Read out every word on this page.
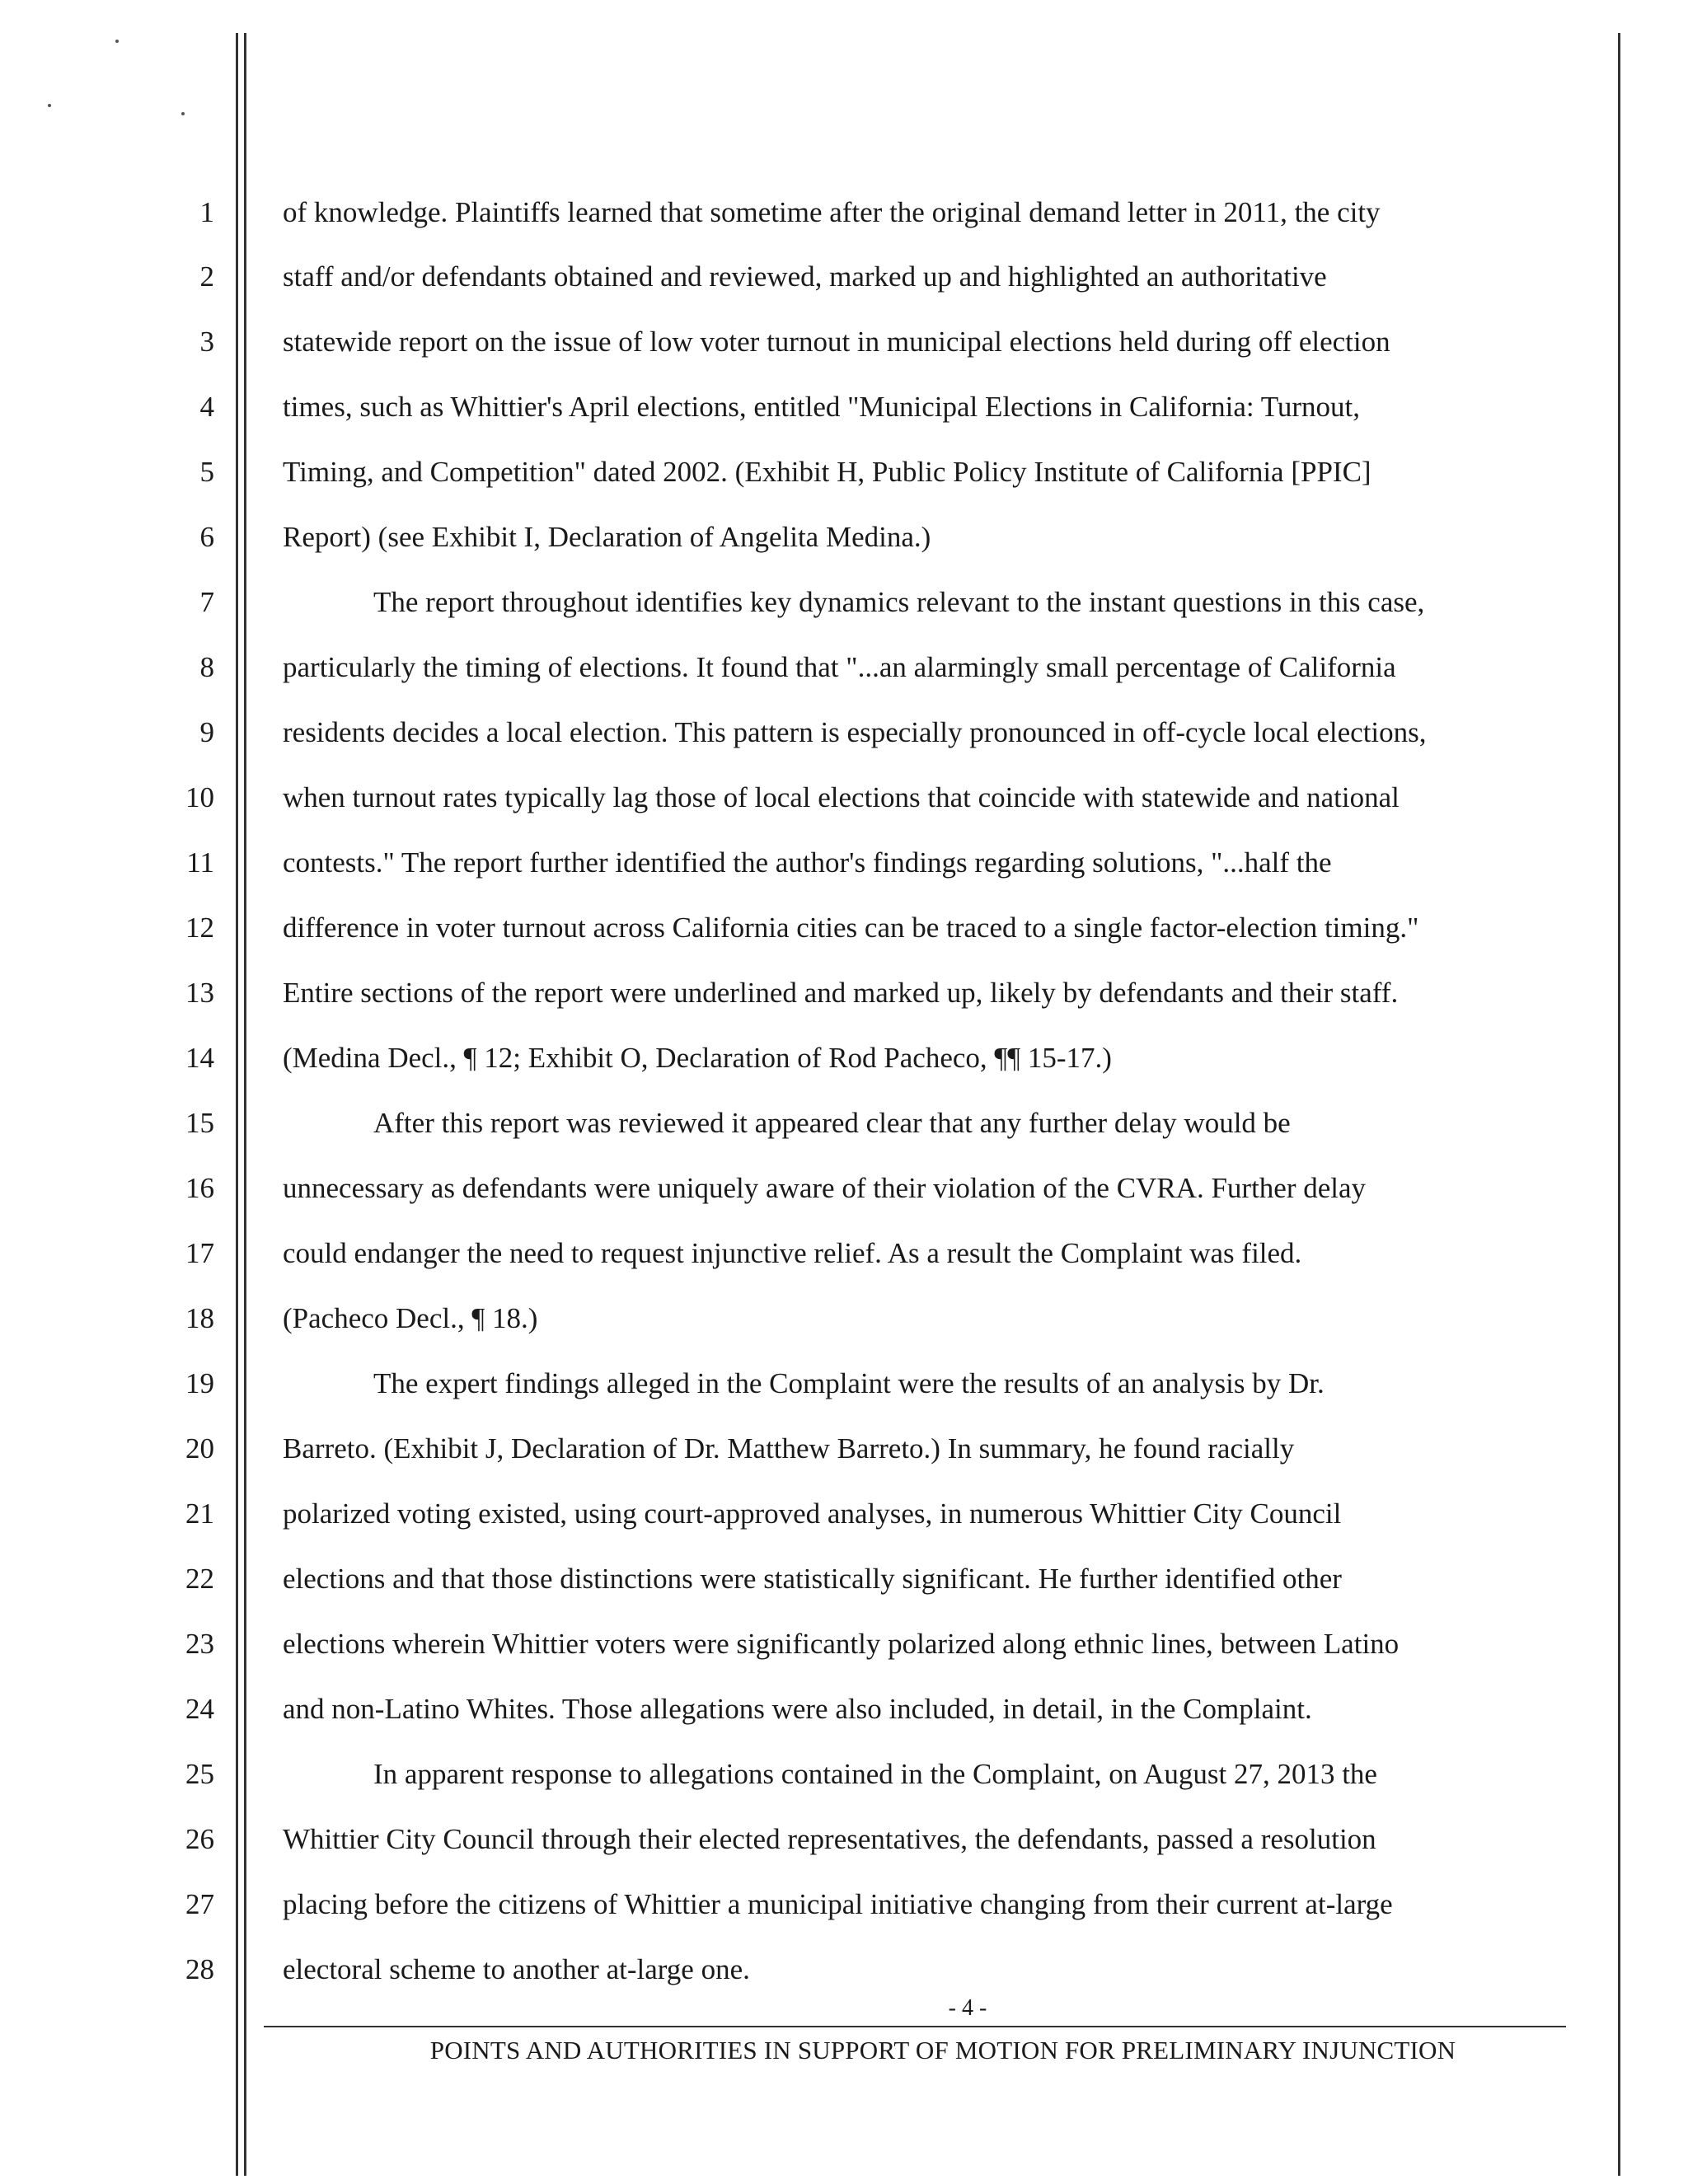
1
2
3
4
5
6
7
8
9
10
11
12
13
14
15
16
17
18
19
20
21
22
23
24
25
26
27
28
of knowledge. Plaintiffs learned that sometime after the original demand letter in 2011, the city
staff and/or defendants obtained and reviewed, marked up and highlighted an authoritative
statewide report on the issue of low voter turnout in municipal elections held during off election
times, such as Whittier's April elections, entitled "Municipal Elections in California: Turnout,
Timing, and Competition" dated 2002. (Exhibit H, Public Policy Institute of California [PPIC]
Report) (see Exhibit I, Declaration of Angelita Medina.)
The report throughout identifies key dynamics relevant to the instant questions in this case,
particularly the timing of elections. It found that "...an alarmingly small percentage of California
residents decides a local election. This pattern is especially pronounced in off-cycle local elections,
when turnout rates typically lag those of local elections that coincide with statewide and national
contests." The report further identified the author's findings regarding solutions, "...half the
difference in voter turnout across California cities can be traced to a single factor-election timing."
Entire sections of the report were underlined and marked up, likely by defendants and their staff.
(Medina Decl., ¶ 12; Exhibit O, Declaration of Rod Pacheco, ¶¶ 15-17.)
After this report was reviewed it appeared clear that any further delay would be
unnecessary as defendants were uniquely aware of their violation of the CVRA. Further delay
could endanger the need to request injunctive relief. As a result the Complaint was filed.
(Pacheco Decl., ¶ 18.)
The expert findings alleged in the Complaint were the results of an analysis by Dr.
Barreto. (Exhibit J, Declaration of Dr. Matthew Barreto.) In summary, he found racially
polarized voting existed, using court-approved analyses, in numerous Whittier City Council
elections and that those distinctions were statistically significant. He further identified other
elections wherein Whittier voters were significantly polarized along ethnic lines, between Latino
and non-Latino Whites. Those allegations were also included, in detail, in the Complaint.
In apparent response to allegations contained in the Complaint, on August 27, 2013 the
Whittier City Council through their elected representatives, the defendants, passed a resolution
placing before the citizens of Whittier a municipal initiative changing from their current at-large
electoral scheme to another at-large one.
- 4 -
POINTS AND AUTHORITIES IN SUPPORT OF MOTION FOR PRELIMINARY INJUNCTION
